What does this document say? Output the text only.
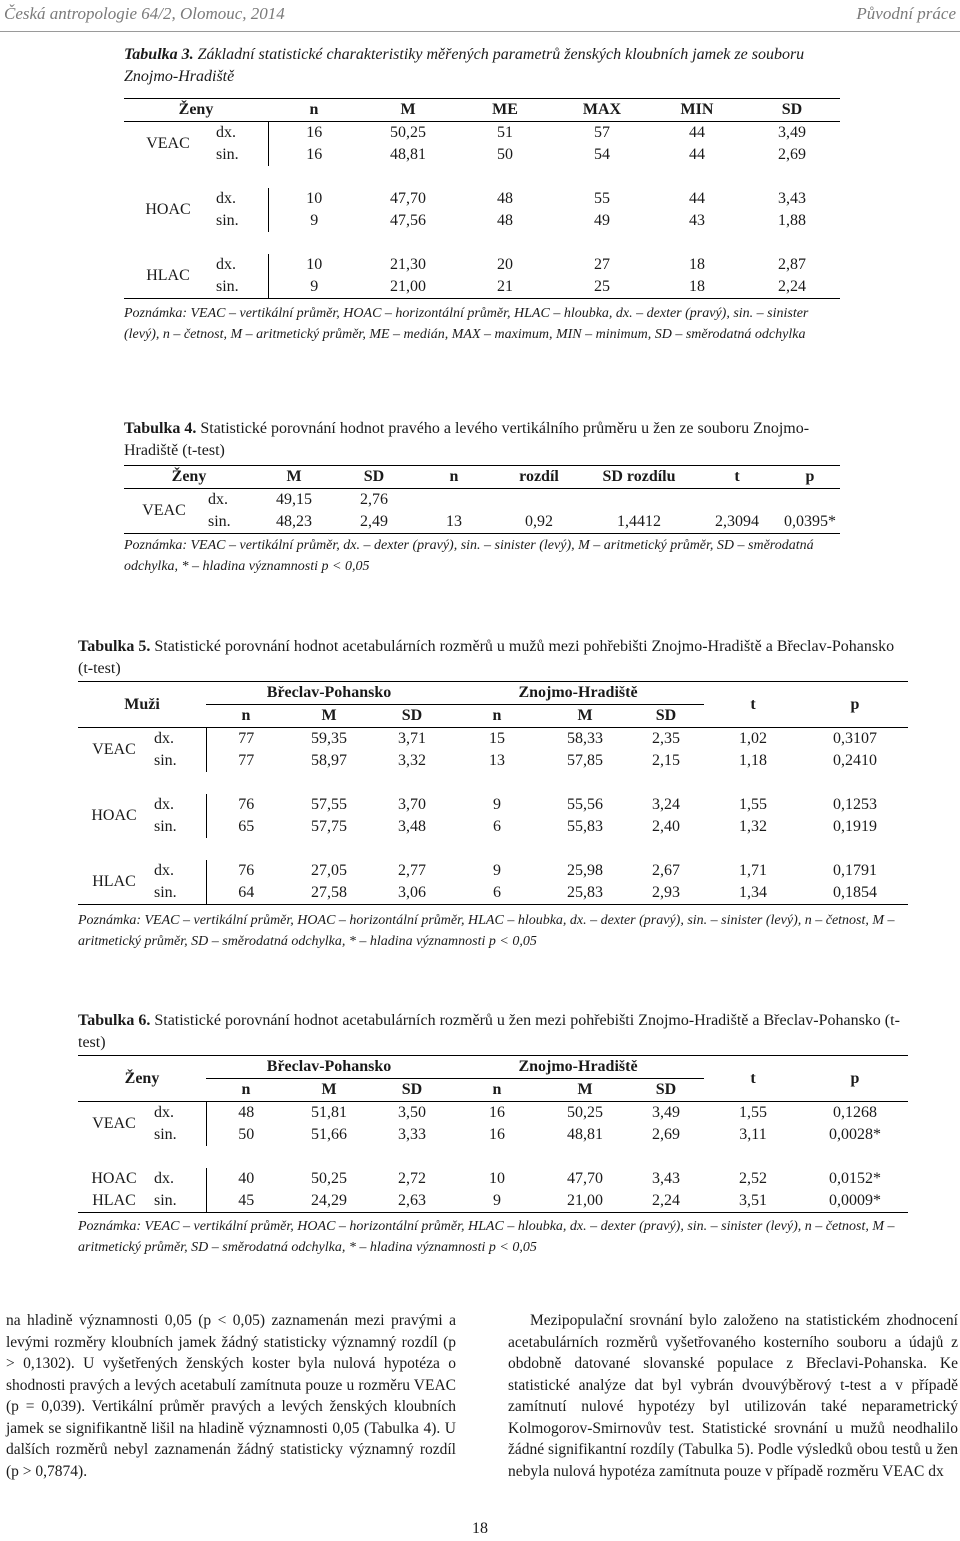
Česká antropologie 64/2, Olomouc, 2014	Původní práce
Tabulka 3. Základní statistické charakteristiky měřených parametrů ženských kloubních jamek ze souboru Znojmo-Hradiště
Ženy		n	M	ME	MAX	MIN	SD
VEAC	dx.	16	50,25	51	57	44	3,49
	sin.	16	48,81	50	54	44	2,69

HOAC	dx.	10	47,70	48	55	44	3,43
	sin.	9	47,56	48	49	43	1,88

HLAC	dx.	10	21,30	20	27	18	2,87
	sin.	9	21,00	21	25	18	2,24
Poznámka: VEAC – vertikální průměr, HOAC – horizontální průměr, HLAC – hloubka, dx. – dexter (pravý), sin. – sinister (levý), n – četnost, M – aritmetický průměr, ME – medián, MAX – maximum, MIN – minimum, SD – směrodatná odchylka
Tabulka 4. Statistické porovnání hodnot pravého a levého vertikálního průměru u žen ze souboru Znojmo-Hradiště (t-test)
Ženy		M	SD	n	rozdíl	SD rozdílu	t	p
VEAC	dx.	49,15	2,76					
	sin.	48,23	2,49	13	0,92	1,4412	2,3094	0,0395*
Poznámka: VEAC – vertikální průměr, dx. – dexter (pravý), sin. – sinister (levý), M – aritmetický průměr, SD – směrodatná odchylka, * – hladina významnosti p < 0,05
Tabulka 5. Statistické porovnání hodnot acetabulárních rozměrů u mužů mezi pohřebišti Znojmo-Hradiště a Břeclav-Pohansko (t-test)
Muži		Břeclav-Pohansko			Znojmo-Hradiště			t	p
		n	M	SD	n	M	SD		
VEAC	dx.	77	59,35	3,71	15	58,33	2,35	1,02	0,3107
	sin.	77	58,97	3,32	13	57,85	2,15	1,18	0,2410

HOAC	dx.	76	57,55	3,70	9	55,56	3,24	1,55	0,1253
	sin.	65	57,75	3,48	6	55,83	2,40	1,32	0,1919

HLAC	dx.	76	27,05	2,77	9	25,98	2,67	1,71	0,1791
	sin.	64	27,58	3,06	6	25,83	2,93	1,34	0,1854
Poznámka: VEAC – vertikální průměr, HOAC – horizontální průměr, HLAC – hloubka, dx. – dexter (pravý), sin. – sinister (levý), n – četnost, M – aritmetický průměr, SD – směrodatná odchylka, * – hladina významnosti p < 0,05
Tabulka 6. Statistické porovnání hodnot acetabulárních rozměrů u žen mezi pohřebišti Znojmo-Hradiště a Břeclav-Pohansko (t-test)
Ženy		Břeclav-Pohansko			Znojmo-Hradiště			t	p
		n	M	SD	n	M	SD		
VEAC	dx.	48	51,81	3,50	16	50,25	3,49	1,55	0,1268
	sin.	50	51,66	3,33	16	48,81	2,69	3,11	0,0028*

HOAC	dx.	40	50,25	2,72	10	47,70	3,43	2,52	0,0152*
HLAC	sin.	45	24,29	2,63	9	21,00	2,24	3,51	0,0009*
Poznámka: VEAC – vertikální průměr, HOAC – horizontální průměr, HLAC – hloubka, dx. – dexter (pravý), sin. – sinister (levý), n – četnost, M – aritmetický průměr, SD – směrodatná odchylka, * – hladina významnosti p < 0,05
na hladině významnosti 0,05 (p < 0,05) zaznamenán mezi pravými a levými rozměry kloubních jamek žádný statisticky významný rozdíl (p > 0,1302). U vyšetřených ženských koster byla nulová hypotéza o shodnosti pravých a levých acetabulí zamítnuta pouze u rozměru VEAC (p = 0,039). Vertikální průměr pravých a levých ženských kloubních jamek se signifikantně lišil na hladině významnosti 0,05 (Tabulka 4). U dalších rozměrů nebyl zaznamenán žádný statisticky významný rozdíl (p > 0,7874).
Mezipopulační srovnání bylo založeno na statistickém zhodnocení acetabulárních rozměrů vyšetřovaného kosterního souboru a údajů z obdobně datované slovanské populace z Břeclavi-Pohanska. Ke statistické analýze dat byl vybrán dvouvýběrový t-test a v případě zamítnutí nulové hypotézy byl utilizován také neparametrický Kolmogorov-Smirnovův test. Statistické srovnání u mužů neodhalilo žádné signifikantní rozdíly (Tabulka 5). Podle výsledků obou testů u žen nebyla nulová hypotéza zamítnuta pouze v případě rozměru VEAC dx
18
